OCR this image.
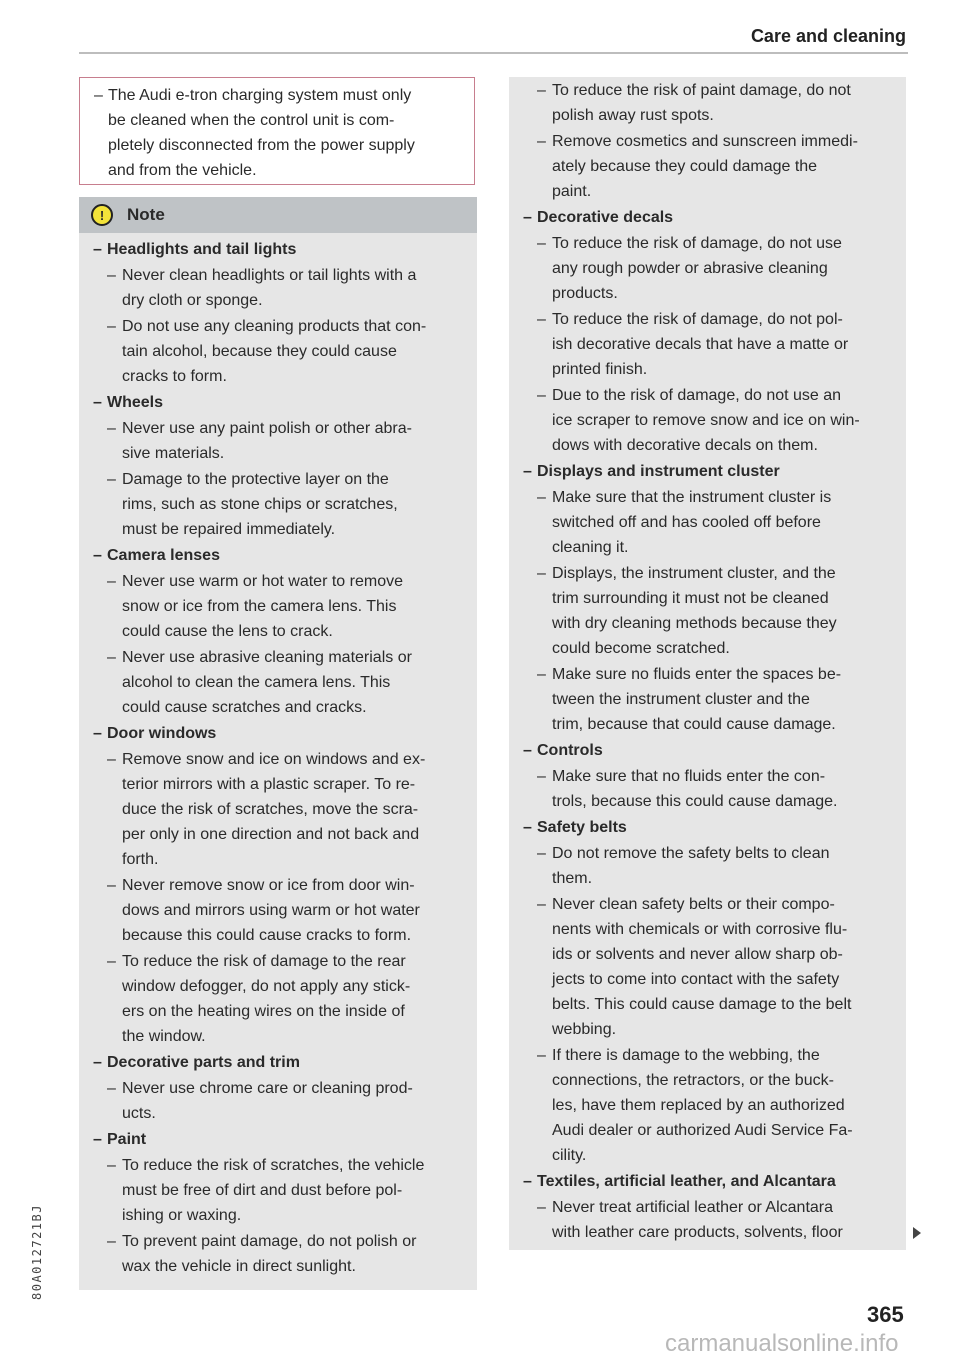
Care and cleaning
– The Audi e-tron charging system must only
be cleaned when the control unit is com-
pletely disconnected from the power supply
and from the vehicle.
!	Note
– Headlights and tail lights
– Never clean headlights or tail lights with a
dry cloth or sponge.
– Do not use any cleaning products that con-
tain alcohol, because they could cause
cracks to form.
– Wheels
– Never use any paint polish or other abra-
sive materials.
– Damage to the protective layer on the
rims, such as stone chips or scratches,
must be repaired immediately.
– Camera lenses
– Never use warm or hot water to remove
snow or ice from the camera lens. This
could cause the lens to crack.
– Never use abrasive cleaning materials or
alcohol to clean the camera lens. This
could cause scratches and cracks.
– Door windows
– Remove snow and ice on windows and ex-
terior mirrors with a plastic scraper. To re-
duce the risk of scratches, move the scra-
per only in one direction and not back and
forth.
– Never remove snow or ice from door win-
dows and mirrors using warm or hot water
because this could cause cracks to form.
– To reduce the risk of damage to the rear
window defogger, do not apply any stick-
ers on the heating wires on the inside of
the window.
– Decorative parts and trim
– Never use chrome care or cleaning prod-
ucts.
– Paint
– To reduce the risk of scratches, the vehicle
must be free of dirt and dust before pol-
ishing or waxing.
– To prevent paint damage, do not polish or
wax the vehicle in direct sunlight.
– To reduce the risk of paint damage, do not
polish away rust spots.
– Remove cosmetics and sunscreen immedi-
ately because they could damage the
paint.
– Decorative decals
– To reduce the risk of damage, do not use
any rough powder or abrasive cleaning
products.
– To reduce the risk of damage, do not pol-
ish decorative decals that have a matte or
printed finish.
– Due to the risk of damage, do not use an
ice scraper to remove snow and ice on win-
dows with decorative decals on them.
– Displays and instrument cluster
– Make sure that the instrument cluster is
switched off and has cooled off before
cleaning it.
– Displays, the instrument cluster, and the
trim surrounding it must not be cleaned
with dry cleaning methods because they
could become scratched.
– Make sure no fluids enter the spaces be-
tween the instrument cluster and the
trim, because that could cause damage.
– Controls
– Make sure that no fluids enter the con-
trols, because this could cause damage.
– Safety belts
– Do not remove the safety belts to clean
them.
– Never clean safety belts or their compo-
nents with chemicals or with corrosive flu-
ids or solvents and never allow sharp ob-
jects to come into contact with the safety
belts. This could cause damage to the belt
webbing.
– If there is damage to the webbing, the
connections, the retractors, or the buck-
les, have them replaced by an authorized
Audi dealer or authorized Audi Service Fa-
cility.
– Textiles, artificial leather, and Alcantara
– Never treat artificial leather or Alcantara
with leather care products, solvents, floor
80A012721BJ
365
carmanualsonline.info
